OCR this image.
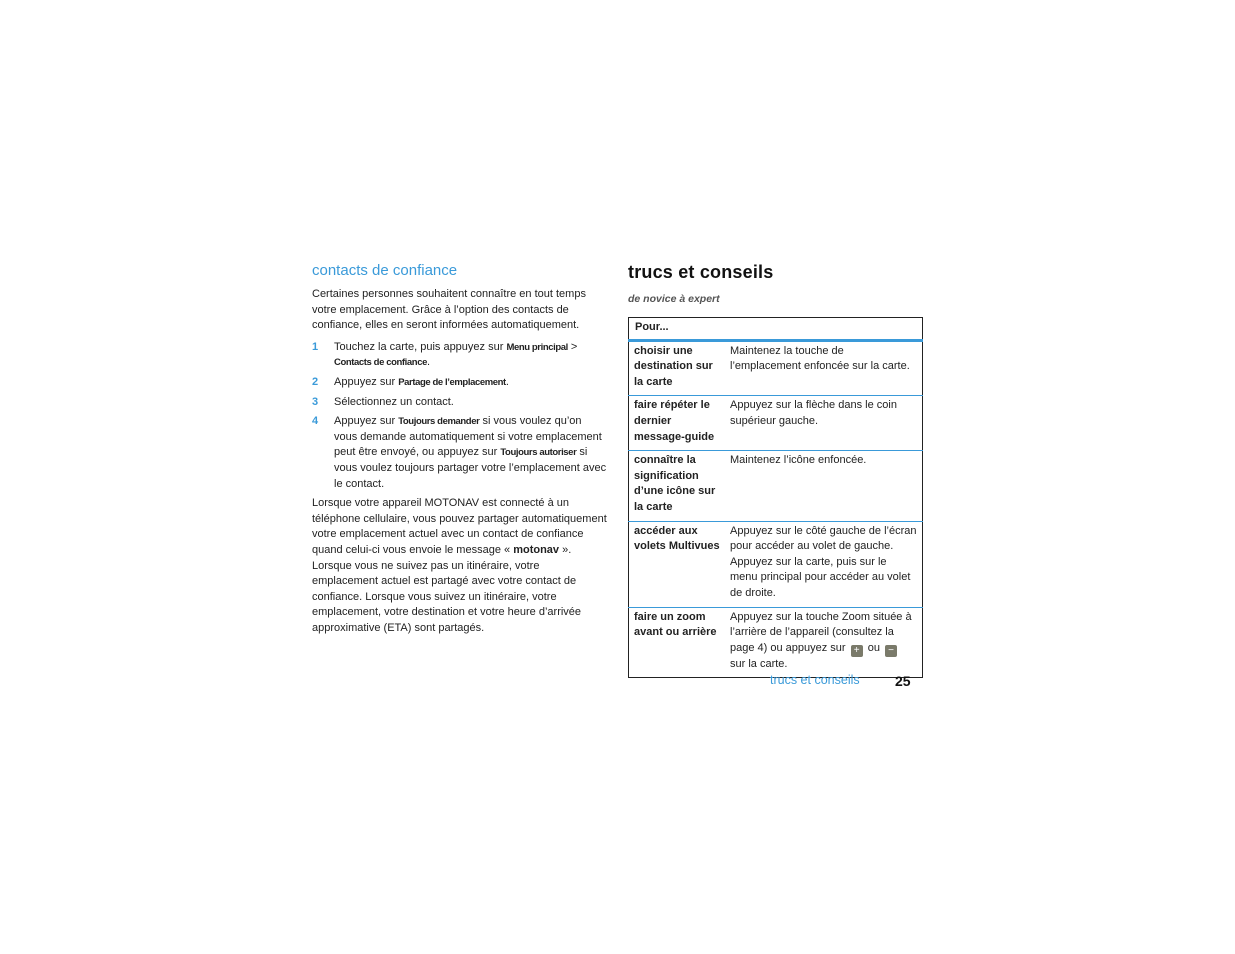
contacts de confiance

Certaines personnes souhaitent connaître en tout temps votre emplacement. Grâce à l’option des contacts de confiance, elles en seront informées automatiquement.

1 Touchez la carte, puis appuyez sur Menu principal > Contacts de confiance.
2 Appuyez sur Partage de l’emplacement.
3 Sélectionnez un contact.
4 Appuyez sur Toujours demander si vous voulez qu’on vous demande automatiquement si votre emplacement peut être envoyé, ou appuyez sur Toujours autoriser si vous voulez toujours partager votre l’emplacement avec le contact.

Lorsque votre appareil MOTONAV est connecté à un téléphone cellulaire, vous pouvez partager automatiquement votre emplacement actuel avec un contact de confiance quand celui-ci vous envoie le message « motonav ». Lorsque vous ne suivez pas un itinéraire, votre emplacement actuel est partagé avec votre contact de confiance. Lorsque vous suivez un itinéraire, votre emplacement, votre destination et votre heure d’arrivée approximative (ETA) sont partagés.

trucs et conseils
de novice à expert
Pour...	
choisir une destination sur la carte	Maintenez la touche de l’emplacement enfoncée sur la carte.
faire répéter le dernier message-guide	Appuyez sur la flèche dans le coin supérieur gauche.
connaître la signification d’une icône sur la carte	Maintenez l’icône enfoncée.
accéder aux volets Multivues	Appuyez sur le côté gauche de l’écran pour accéder au volet de gauche. Appuyez sur la carte, puis sur le menu principal pour accéder au volet de droite.
faire un zoom avant ou arrière	Appuyez sur la touche Zoom située à l’arrière de l’appareil (consultez la page 4) ou appuyez sur + ou − sur la carte.
trucs et conseils	25
